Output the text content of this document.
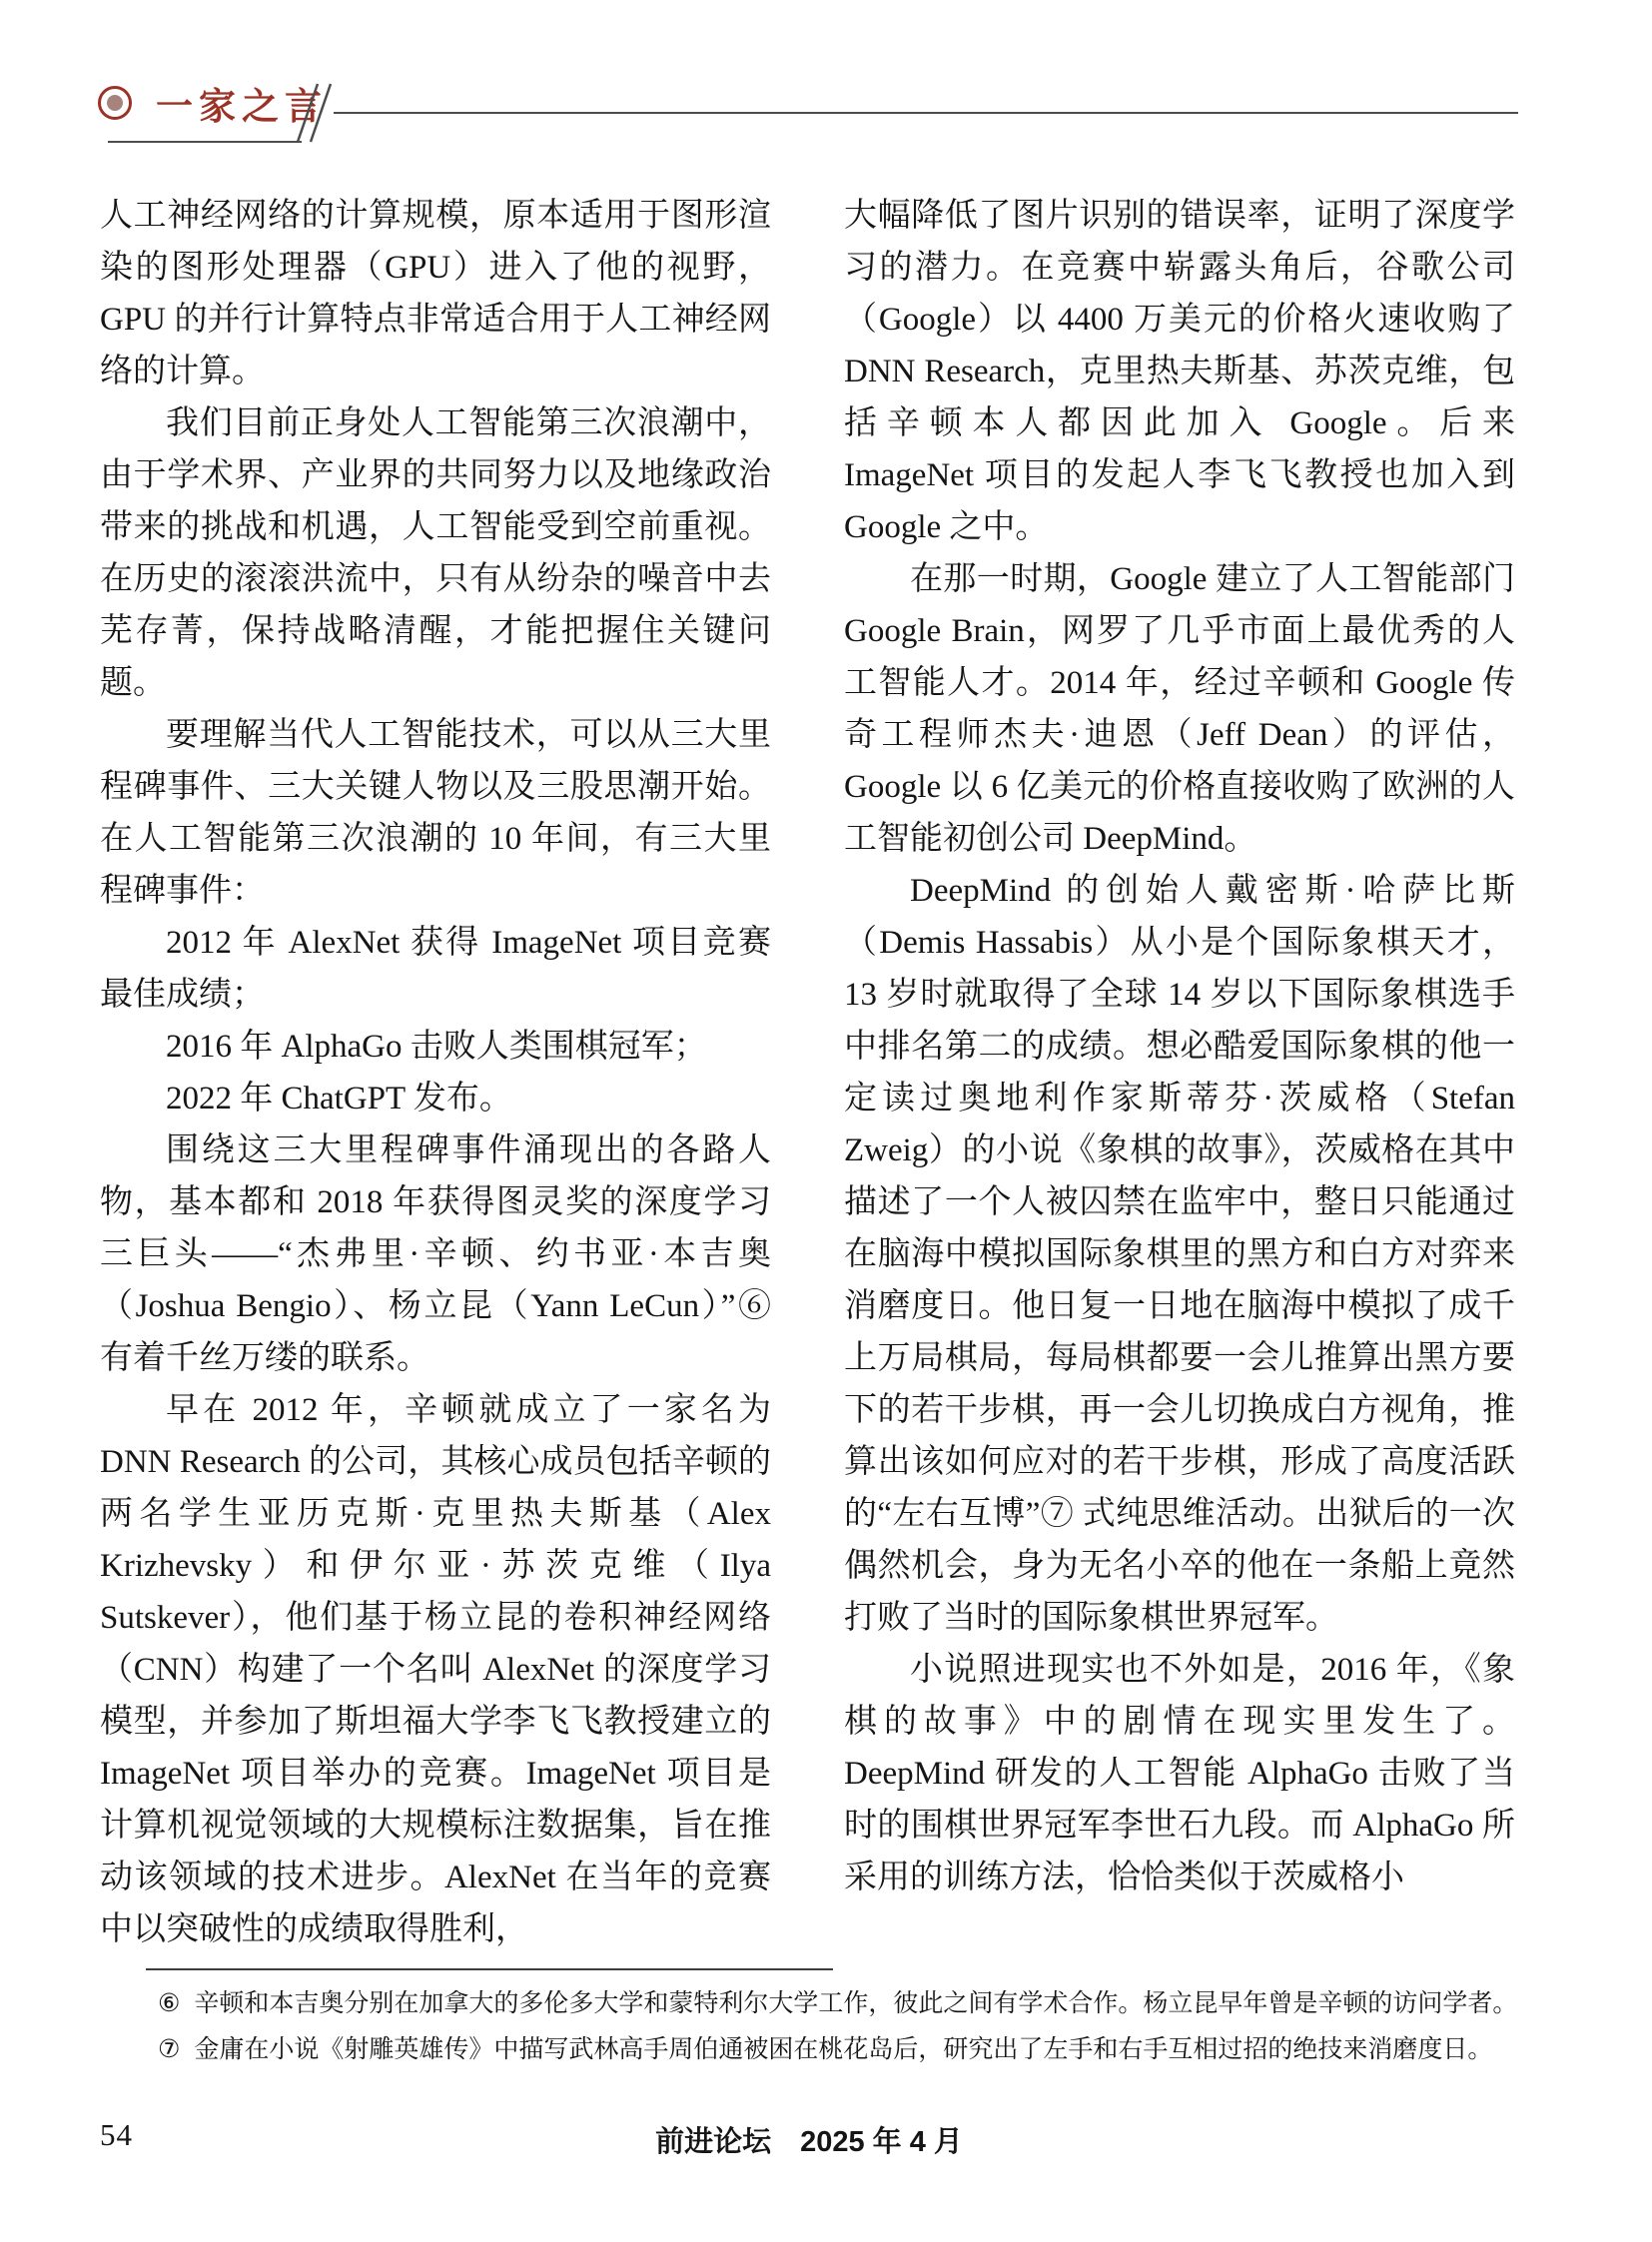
一家之言

人工神经网络的计算规模，原本适用于图形渲染的图形处理器（GPU）进入了他的视野，GPU 的并行计算特点非常适合用于人工神经网络的计算。

我们目前正身处人工智能第三次浪潮中，由于学术界、产业界的共同努力以及地缘政治带来的挑战和机遇，人工智能受到空前重视。在历史的滚滚洪流中，只有从纷杂的噪音中去芜存菁，保持战略清醒，才能把握住关键问题。

要理解当代人工智能技术，可以从三大里程碑事件、三大关键人物以及三股思潮开始。在人工智能第三次浪潮的 10 年间，有三大里程碑事件：

2012 年 AlexNet 获得 ImageNet 项目竞赛最佳成绩；

2016 年 AlphaGo 击败人类围棋冠军；

2022 年 ChatGPT 发布。

围绕这三大里程碑事件涌现出的各路人物，基本都和 2018 年获得图灵奖的深度学习三巨头——“杰弗里·辛顿、约书亚·本吉奥（Joshua Bengio）、杨立昆（Yann LeCun）”⑥ 有着千丝万缕的联系。

早在 2012 年，辛顿就成立了一家名为 DNN Research 的公司，其核心成员包括辛顿的两名学生亚历克斯·克里热夫斯基（Alex Krizhevsky）和伊尔亚·苏茨克维（Ilya Sutskever），他们基于杨立昆的卷积神经网络（CNN）构建了一个名叫 AlexNet 的深度学习模型，并参加了斯坦福大学李飞飞教授建立的 ImageNet 项目举办的竞赛。ImageNet 项目是计算机视觉领域的大规模标注数据集，旨在推动该领域的技术进步。AlexNet 在当年的竞赛中以突破性的成绩取得胜利，

大幅降低了图片识别的错误率，证明了深度学习的潜力。在竞赛中崭露头角后，谷歌公司（Google）以 4400 万美元的价格火速收购了 DNN Research，克里热夫斯基、苏茨克维，包括辛顿本人都因此加入 Google。后来 ImageNet 项目的发起人李飞飞教授也加入到 Google 之中。

在那一时期，Google 建立了人工智能部门 Google Brain，网罗了几乎市面上最优秀的人工智能人才。2014 年，经过辛顿和 Google 传奇工程师杰夫·迪恩（Jeff Dean）的评估，Google 以 6 亿美元的价格直接收购了欧洲的人工智能初创公司 DeepMind。

DeepMind 的创始人戴密斯·哈萨比斯（Demis Hassabis）从小是个国际象棋天才，13 岁时就取得了全球 14 岁以下国际象棋选手中排名第二的成绩。想必酷爱国际象棋的他一定读过奥地利作家斯蒂芬·茨威格（Stefan Zweig）的小说《象棋的故事》，茨威格在其中描述了一个人被囚禁在监牢中，整日只能通过在脑海中模拟国际象棋里的黑方和白方对弈来消磨度日。他日复一日地在脑海中模拟了成千上万局棋局，每局棋都要一会儿推算出黑方要下的若干步棋，再一会儿切换成白方视角，推算出该如何应对的若干步棋，形成了高度活跃的“左右互博”⑦ 式纯思维活动。出狱后的一次偶然机会，身为无名小卒的他在一条船上竟然打败了当时的国际象棋世界冠军。

小说照进现实也不外如是，2016 年，《象棋的故事》中的剧情在现实里发生了。DeepMind 研发的人工智能 AlphaGo 击败了当时的围棋世界冠军李世石九段。而 AlphaGo 所采用的训练方法，恰恰类似于茨威格小

⑥ 辛顿和本吉奥分别在加拿大的多伦多大学和蒙特利尔大学工作，彼此之间有学术合作。杨立昆早年曾是辛顿的访问学者。

⑦ 金庸在小说《射雕英雄传》中描写武林高手周伯通被困在桃花岛后，研究出了左手和右手互相过招的绝技来消磨度日。

54	前进论坛　2025 年 4 月
